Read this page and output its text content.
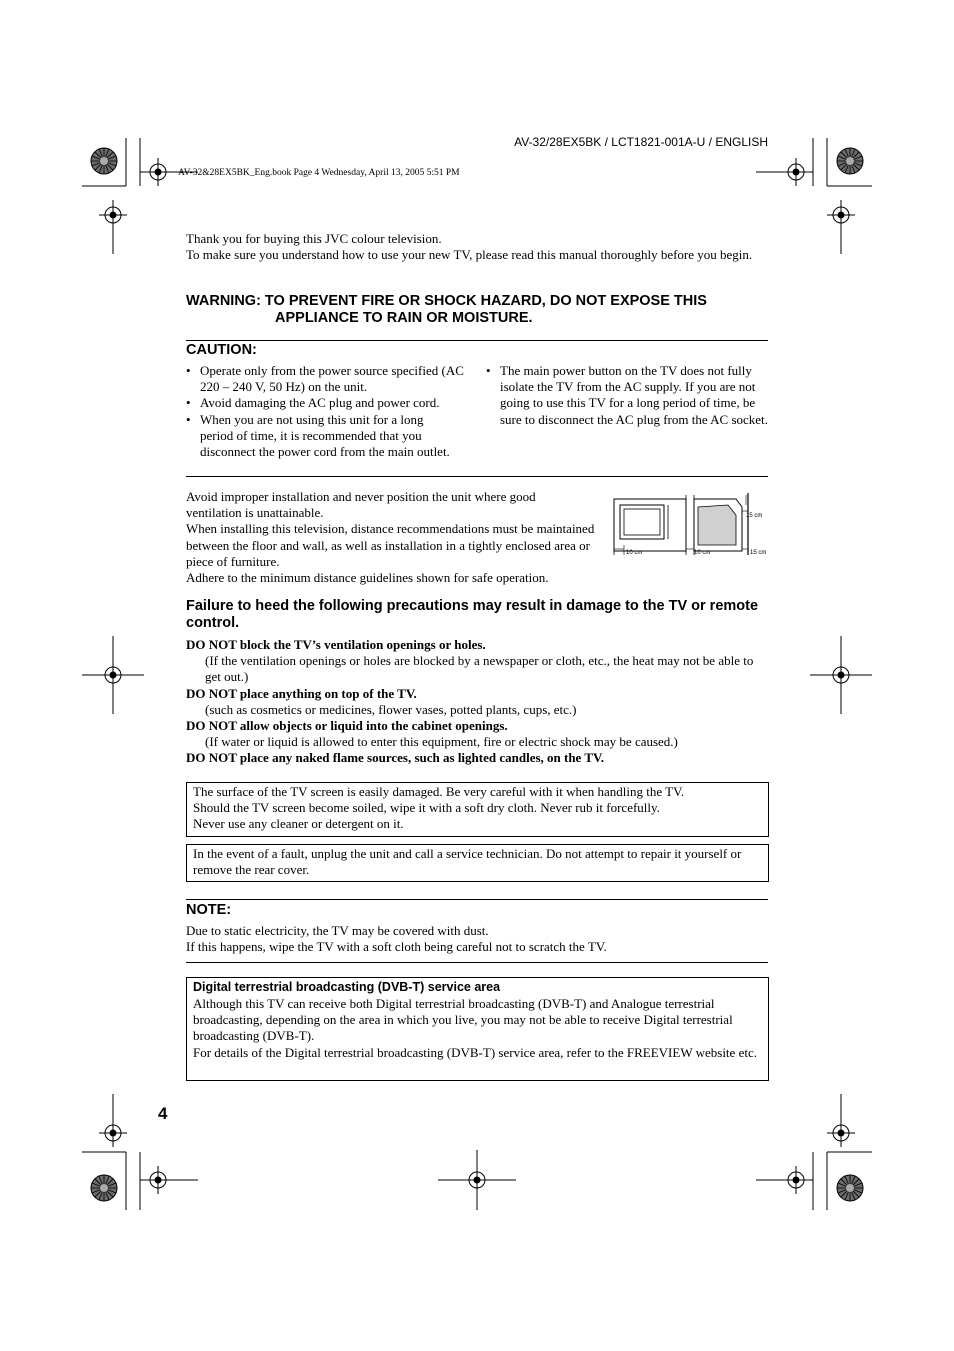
AV-32/28EX5BK / LCT1821-001A-U / ENGLISH
AV-32&28EX5BK_Eng.book Page 4 Wednesday, April 13, 2005 5:51 PM
Thank you for buying this JVC colour television.
To make sure you understand how to use your new TV, please read this manual thoroughly before you begin.
WARNING: TO PREVENT FIRE OR SHOCK HAZARD, DO NOT EXPOSE THIS
APPLIANCE TO RAIN OR MOISTURE.
CAUTION:
• Operate only from the power source specified (AC 220 – 240 V, 50 Hz) on the unit.
• Avoid damaging the AC plug and power cord.
• When you are not using this unit for a long period of time, it is recommended that you disconnect the power cord from the main outlet.
• The main power button on the TV does not fully isolate the TV from the AC supply. If you are not going to use this TV for a long period of time, be sure to disconnect the AC plug from the AC socket.
Avoid improper installation and never position the unit where good ventilation is unattainable.
When installing this television, distance recommendations must be maintained between the floor and wall, as well as installation in a tightly enclosed area or piece of furniture.
Adhere to the minimum distance guidelines shown for safe operation.
10 cm	10 cm	15 cm
15 cm
Failure to heed the following precautions may result in damage to the TV or remote control.
DO NOT block the TV’s ventilation openings or holes.
(If the ventilation openings or holes are blocked by a newspaper or cloth, etc., the heat may not be able to get out.)
DO NOT place anything on top of the TV.
(such as cosmetics or medicines, flower vases, potted plants, cups, etc.)
DO NOT allow objects or liquid into the cabinet openings.
(If water or liquid is allowed to enter this equipment, fire or electric shock may be caused.)
DO NOT place any naked flame sources, such as lighted candles, on the TV.
The surface of the TV screen is easily damaged. Be very careful with it when handling the TV.
Should the TV screen become soiled, wipe it with a soft dry cloth. Never rub it forcefully.
Never use any cleaner or detergent on it.
In the event of a fault, unplug the unit and call a service technician. Do not attempt to repair it yourself or remove the rear cover.
NOTE:
Due to static electricity, the TV may be covered with dust.
If this happens, wipe the TV with a soft cloth being careful not to scratch the TV.
Digital terrestrial broadcasting (DVB-T) service area
Although this TV can receive both Digital terrestrial broadcasting (DVB-T) and Analogue terrestrial broadcasting, depending on the area in which you live, you may not be able to receive Digital terrestrial broadcasting (DVB-T).
For details of the Digital terrestrial broadcasting (DVB-T) service area, refer to the FREEVIEW website etc.
4
